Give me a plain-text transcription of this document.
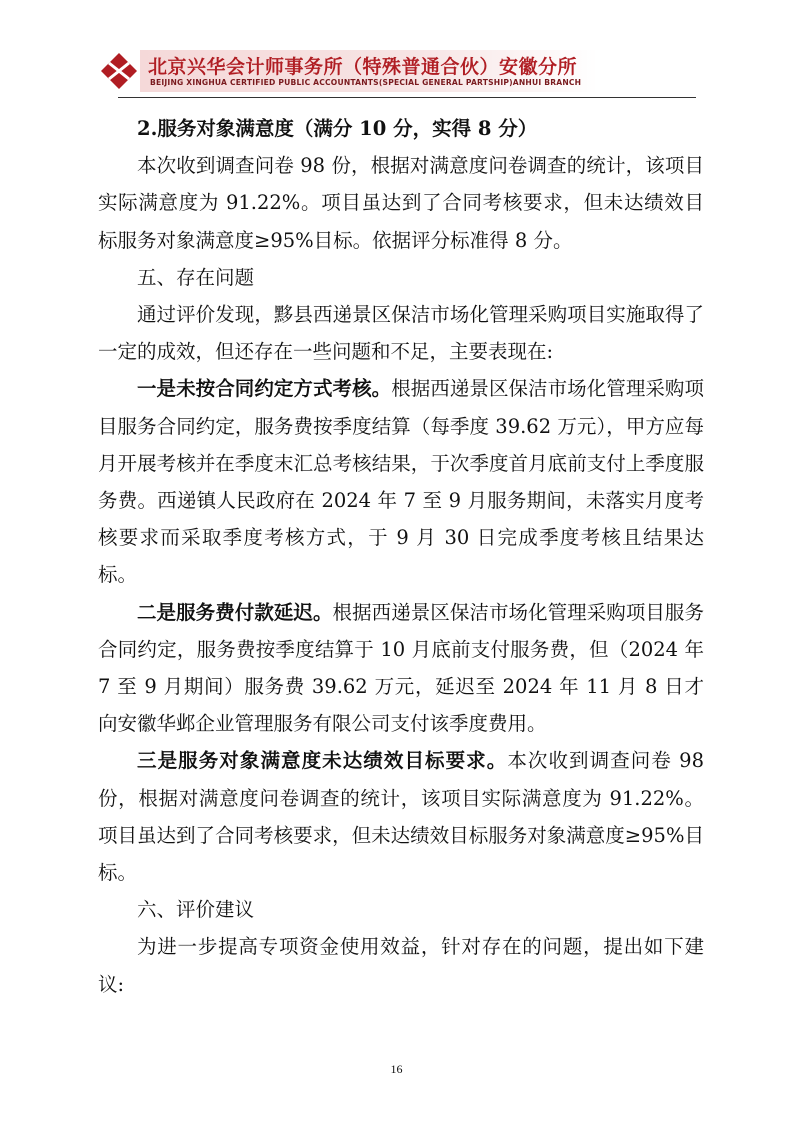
北京兴华会计师事务所（特殊普通合伙）安徽分所
BEIJING XINGHUA CERTIFIED PUBLIC ACCOUNTANTS(SPECIAL GENERAL PARTSHIP)ANHUI BRANCH

2.服务对象满意度（满分 10 分，实得 8 分）

本次收到调查问卷 98 份，根据对满意度问卷调查的统计，该项目实际满意度为 91.22%。项目虽达到了合同考核要求，但未达绩效目标服务对象满意度≥95%目标。依据评分标准得 8 分。

五、存在问题

通过评价发现，黟县西递景区保洁市场化管理采购项目实施取得了一定的成效，但还存在一些问题和不足，主要表现在:

一是未按合同约定方式考核。根据西递景区保洁市场化管理采购项目服务合同约定，服务费按季度结算（每季度 39.62 万元），甲方应每月开展考核并在季度末汇总考核结果，于次季度首月底前支付上季度服务费。西递镇人民政府在 2024 年 7 至 9 月服务期间，未落实月度考核要求而采取季度考核方式，于 9 月 30 日完成季度考核且结果达标。

二是服务费付款延迟。根据西递景区保洁市场化管理采购项目服务合同约定，服务费按季度结算于 10 月底前支付服务费，但（2024 年 7 至 9 月期间）服务费 39.62 万元，延迟至 2024 年 11 月 8 日才向安徽华邺企业管理服务有限公司支付该季度费用。

三是服务对象满意度未达绩效目标要求。本次收到调查问卷 98 份，根据对满意度问卷调查的统计，该项目实际满意度为 91.22%。项目虽达到了合同考核要求，但未达绩效目标服务对象满意度≥95%目标。

六、评价建议

为进一步提高专项资金使用效益，针对存在的问题，提出如下建议:

16
